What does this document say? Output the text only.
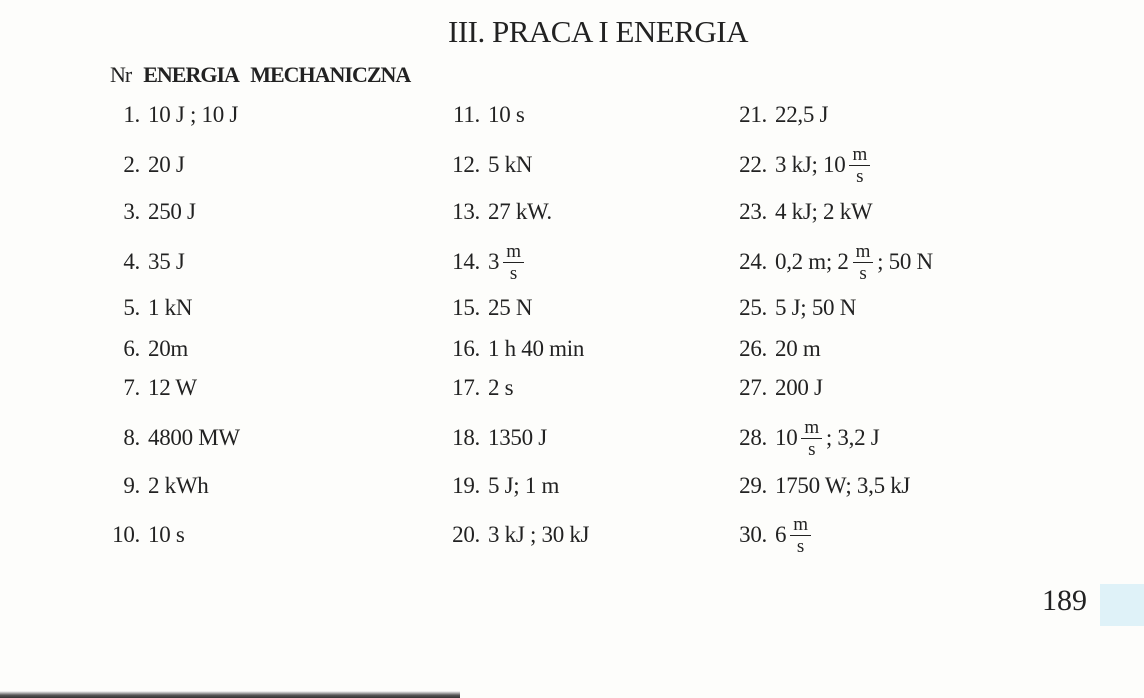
III. PRACA I ENERGIA
Nr ENERGIA MECHANICZNA
1. 10 J ; 10 J
2. 20 J
3. 250 J
4. 35 J
5. 1 kN
6. 20m
7. 12 W
8. 4800 MW
9. 2 kWh
10. 10 s
11. 10 s
12. 5 kN
13. 27 kW.
14. $3 \frac{m}{s}$
15. 25 N
16. 1 h 40 min
17. 2 s
18. 1350 J
19. 5 J; 1 m
20. 3 kJ ; 30 kJ
21. 22,5 J
22. 3 kJ; $10 \frac{m}{s}$
23. 4 kJ; 2 kW
24. 0,2 m; $2 \frac{m}{s}$ ; 50 N
25. 5 J; 50 N
26. 20 m
27. 200 J
28. $10 \frac{m}{s}$ ; 3,2 J
29. 1750 W; 3,5 kJ
30. $6 \frac{m}{s}$
189
